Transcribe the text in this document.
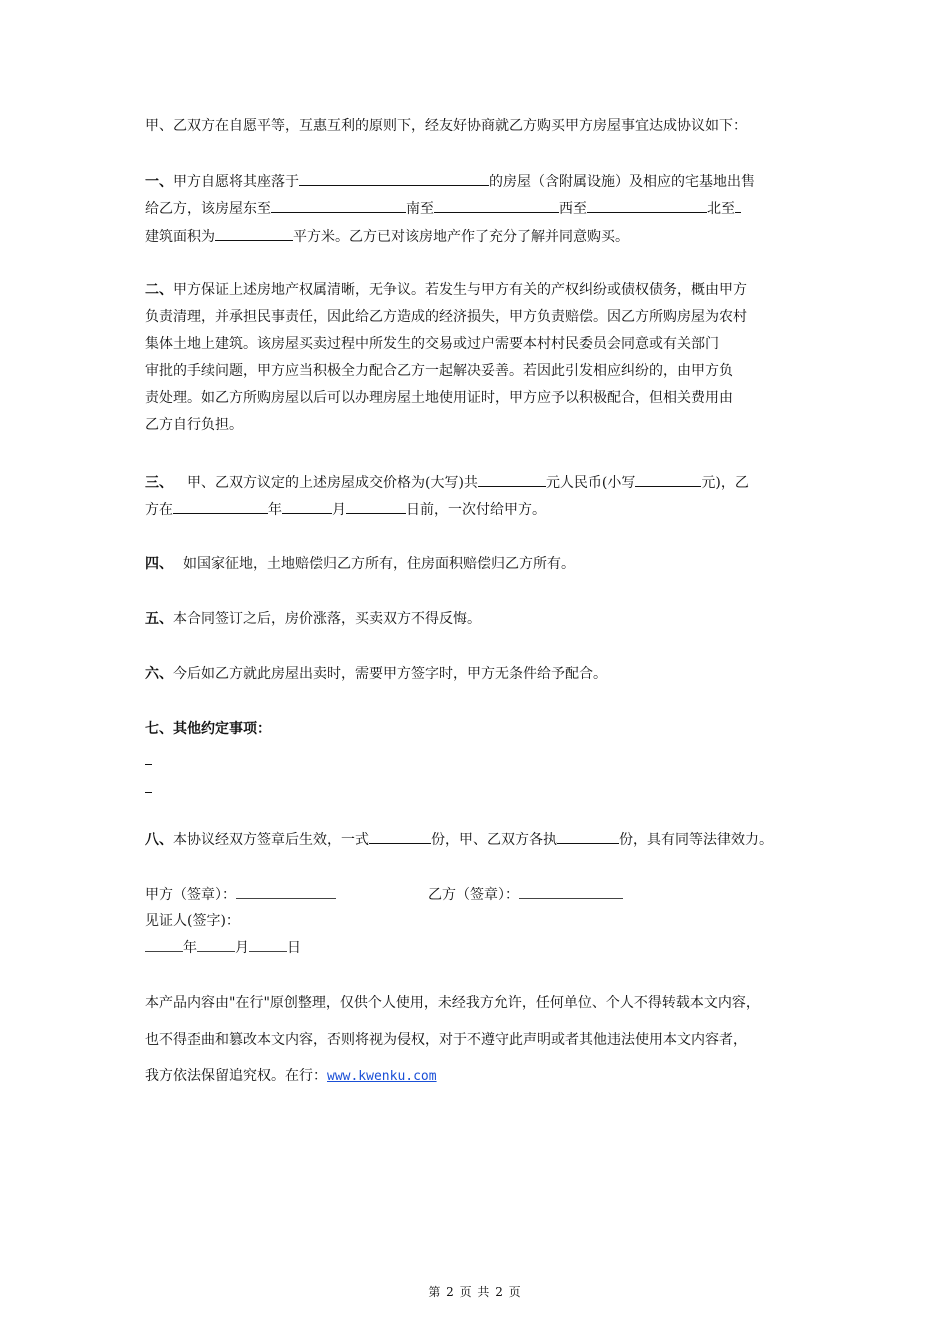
甲、乙双方在自愿平等，互惠互利的原则下，经友好协商就乙方购买甲方房屋事宜达成协议如下：
一、甲方自愿将其座落于	的房屋（含附属设施）及相应的宅基地出售
给乙方，该房屋东至	南至	西至	北至
建筑面积为	平方米。乙方已对该房地产作了充分了解并同意购买。
二、甲方保证上述房地产权属清晰，无争议。若发生与甲方有关的产权纠纷或债权债务，概由甲方
负责清理，并承担民事责任，因此给乙方造成的经济损失，甲方负责赔偿。因乙方所购房屋为农村
集体土地上建筑。该房屋买卖过程中所发生的交易或过户需要本村村民委员会同意或有关部门
审批的手续问题，甲方应当积极全力配合乙方一起解决妥善。若因此引发相应纠纷的，由甲方负
责处理。如乙方所购房屋以后可以办理房屋土地使用证时，甲方应予以积极配合，但相关费用由
乙方自行负担。
三、 甲、乙双方议定的上述房屋成交价格为(大写)共	元人民币(小写	元)，乙
方在	年	月	日前，一次付给甲方。
四、 如国家征地，土地赔偿归乙方所有，住房面积赔偿归乙方所有。
五、本合同签订之后，房价涨落，买卖双方不得反悔。
六、今后如乙方就此房屋出卖时，需要甲方签字时，甲方无条件给予配合。
七、其他约定事项：
八、本协议经双方签章后生效，一式	份，甲、乙双方各执	份，具有同等法律效力。
甲方（签章）：	乙方（签章）：
见证人(签字)：
年	月	日
本产品内容由"在行"原创整理，仅供个人使用，未经我方允许，任何单位、个人不得转载本文内容，
也不得歪曲和篡改本文内容，否则将视为侵权，对于不遵守此声明或者其他违法使用本文内容者，
我方依法保留追究权。在行：www.kwenku.com
第 2 页 共 2 页
